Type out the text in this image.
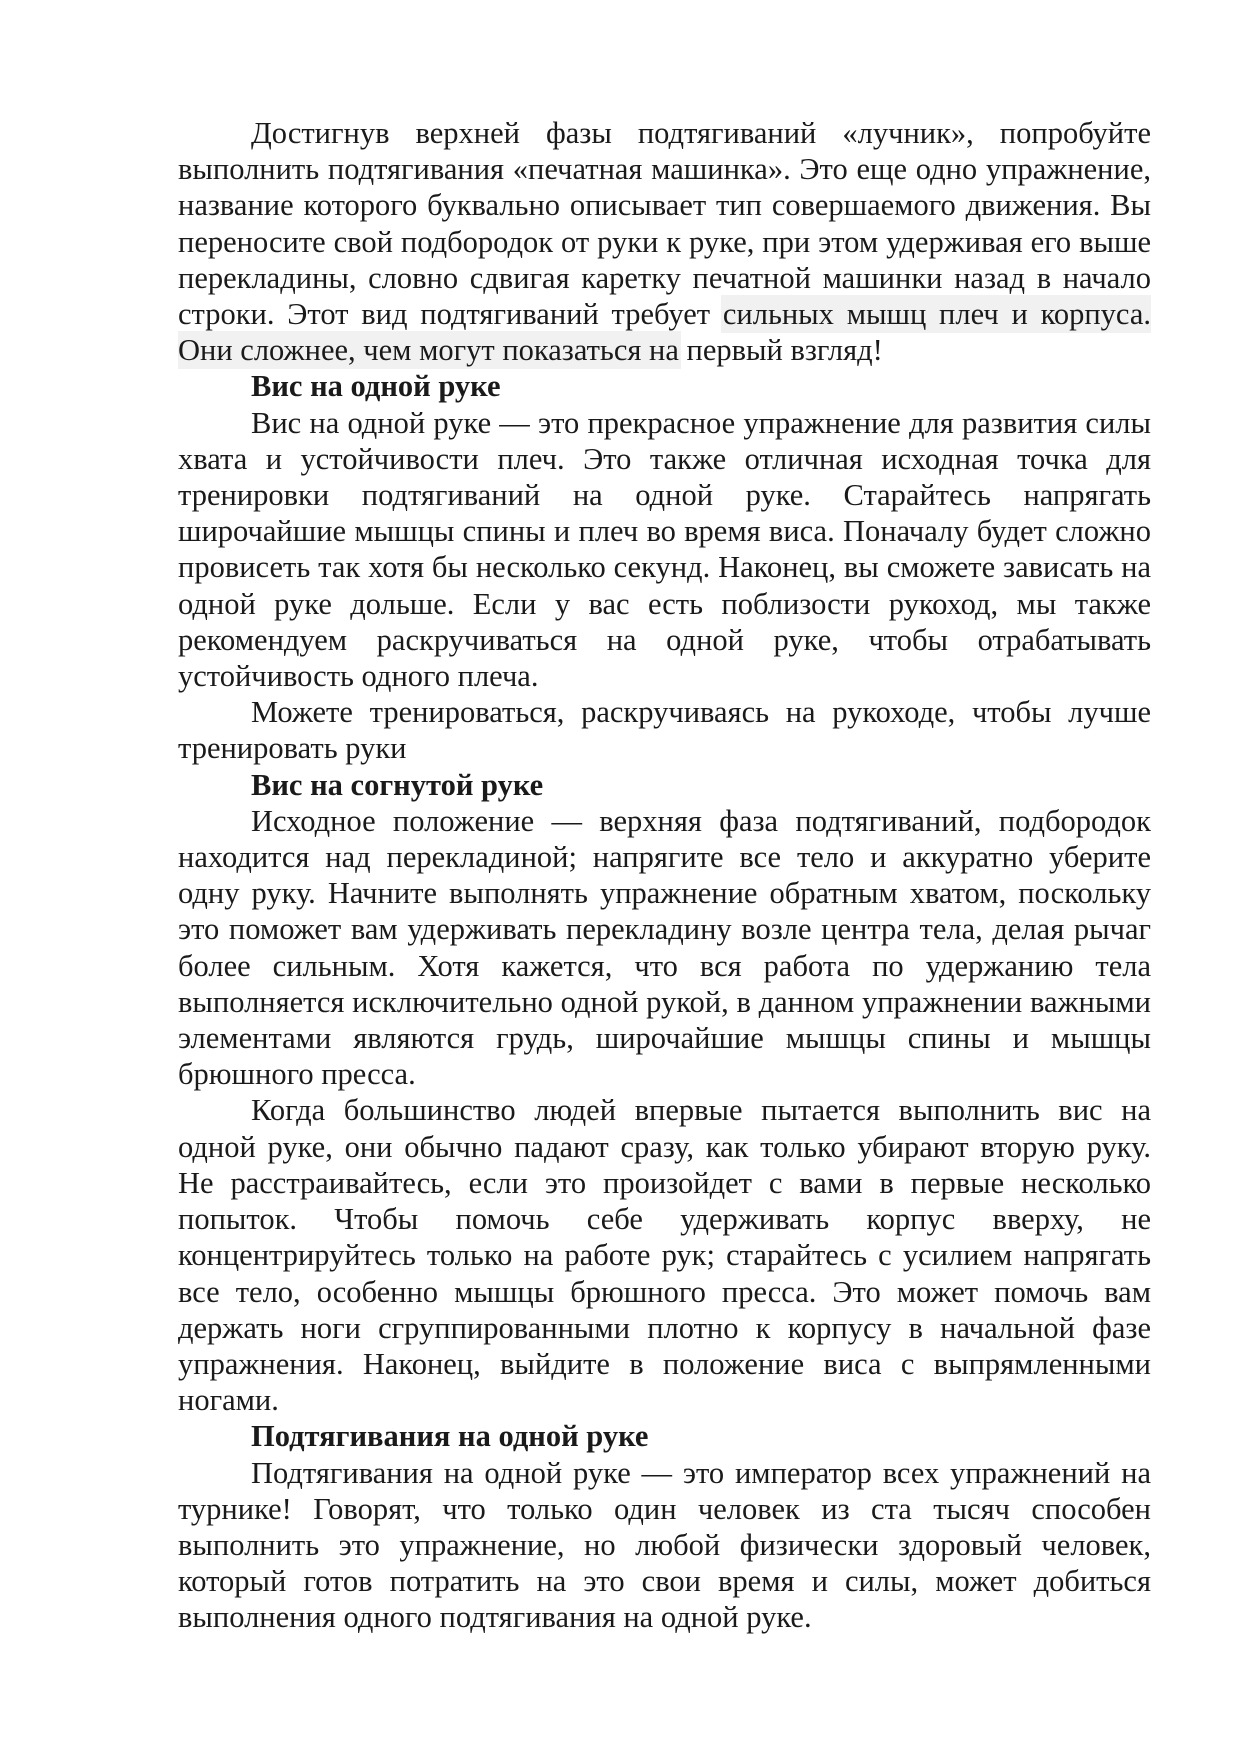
Достигнув верхней фазы подтягиваний «лучник», попробуйте выполнить подтягивания «печатная машинка». Это еще одно упражнение, название которого буквально описывает тип совершаемого движения. Вы переносите свой подбородок от руки к руке, при этом удерживая его выше перекладины, словно сдвигая каретку печатной машинки назад в начало строки. Этот вид подтягиваний требует сильных мышц плеч и корпуса. Они сложнее, чем могут показаться на первый взгляд!

Вис на одной руке

Вис на одной руке — это прекрасное упражнение для развития силы хвата и устойчивости плеч. Это также отличная исходная точка для тренировки подтягиваний на одной руке. Старайтесь напрягать широчайшие мышцы спины и плеч во время виса. Поначалу будет сложно провисеть так хотя бы несколько секунд. Наконец, вы сможете зависать на одной руке дольше. Если у вас есть поблизости рукоход, мы также рекомендуем раскручиваться на одной руке, чтобы отрабатывать устойчивость одного плеча.

Можете тренироваться, раскручиваясь на рукоходе, чтобы лучше тренировать руки

Вис на согнутой руке

Исходное положение — верхняя фаза подтягиваний, подбородок находится над перекладиной; напрягите все тело и аккуратно уберите одну руку. Начните выполнять упражнение обратным хватом, поскольку это поможет вам удерживать перекладину возле центра тела, делая рычаг более сильным. Хотя кажется, что вся работа по удержанию тела выполняется исключительно одной рукой, в данном упражнении важными элементами являются грудь, широчайшие мышцы спины и мышцы брюшного пресса.

Когда большинство людей впервые пытается выполнить вис на одной руке, они обычно падают сразу, как только убирают вторую руку. Не расстраивайтесь, если это произойдет с вами в первые несколько попыток. Чтобы помочь себе удерживать корпус вверху, не концентрируйтесь только на работе рук; старайтесь с усилием напрягать все тело, особенно мышцы брюшного пресса. Это может помочь вам держать ноги сгруппированными плотно к корпусу в начальной фазе упражнения. Наконец, выйдите в положение виса с выпрямленными ногами.

Подтягивания на одной руке

Подтягивания на одной руке — это император всех упражнений на турнике! Говорят, что только один человек из ста тысяч способен выполнить это упражнение, но любой физически здоровый человек, который готов потратить на это свои время и силы, может добиться выполнения одного подтягивания на одной руке.
